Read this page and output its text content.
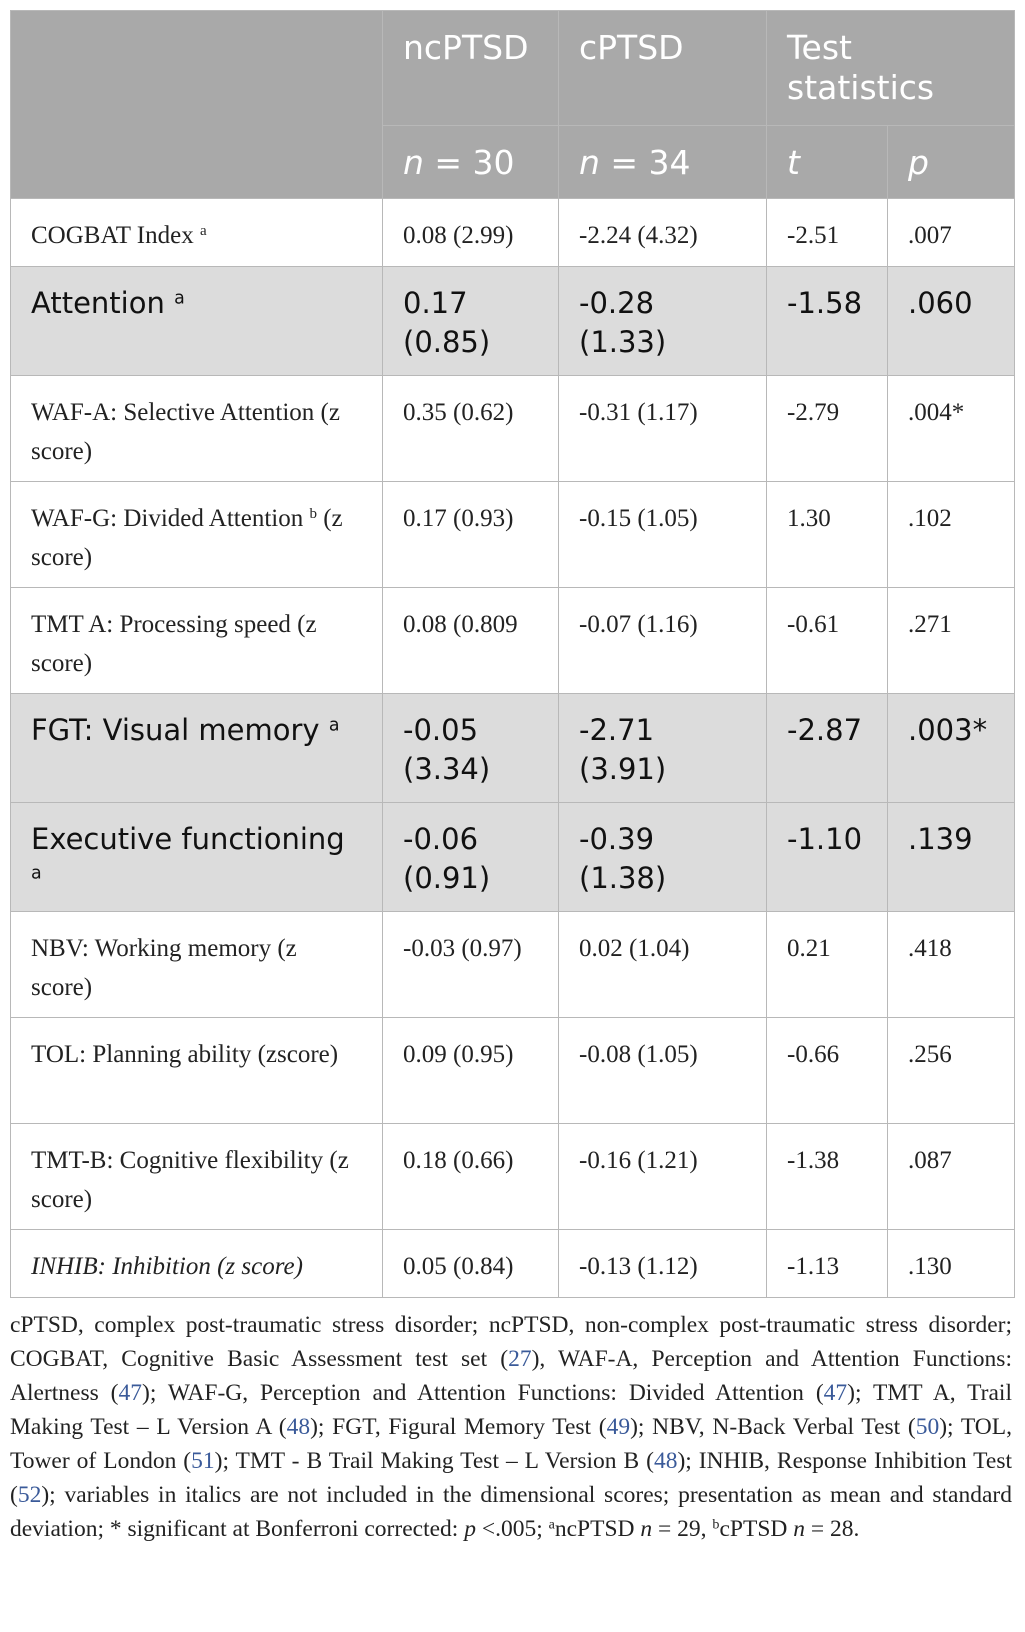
	ncPTSD	cPTSD	Test statistics	
	n = 30	n = 34	t	p
COGBAT Index $^a$	0.08 (2.99)	-2.24 (4.32)	-2.51	.007
Attention $^a$	0.17 (0.85)	-0.28 (1.33)	-1.58	.060
WAF-A: Selective Attention (z score)	0.35 (0.62)	-0.31 (1.17)	-2.79	.004*
WAF-G: Divided Attention $^b$ (z score)	0.17 (0.93)	-0.15 (1.05)	1.30	.102
TMT A: Processing speed (z score)	0.08 (0.809	-0.07 (1.16)	-0.61	.271
FGT: Visual memory $^a$	-0.05 (3.34)	-2.71 (3.91)	-2.87	.003*
Executive functioning $^a$	-0.06 (0.91)	-0.39 (1.38)	-1.10	.139
NBV: Working memory (z score)	-0.03 (0.97)	0.02 (1.04)	0.21	.418
TOL: Planning ability (zscore)	0.09 (0.95)	-0.08 (1.05)	-0.66	.256
TMT-B: Cognitive flexibility (z score)	0.18 (0.66)	-0.16 (1.21)	-1.38	.087
INHIB: Inhibition (z score)	0.05 (0.84)	-0.13 (1.12)	-1.13	.130
cPTSD, complex post-traumatic stress disorder; ncPTSD, non-complex post-traumatic stress disorder; COGBAT, Cognitive Basic Assessment test set (27), WAF-A, Perception and Attention Functions: Alertness (47); WAF-G, Perception and Attention Functions: Divided Attention (47); TMT A, Trail Making Test – L Version A (48); FGT, Figural Memory Test (49); NBV, N-Back Verbal Test (50); TOL, Tower of London (51); TMT - B Trail Making Test – L Version B (48); INHIB, Response Inhibition Test (52); variables in italics are not included in the dimensional scores; presentation as mean and standard deviation; * significant at Bonferroni corrected: p <.005; $^a$ncPTSD n = 29, $^b$cPTSD n = 28.
